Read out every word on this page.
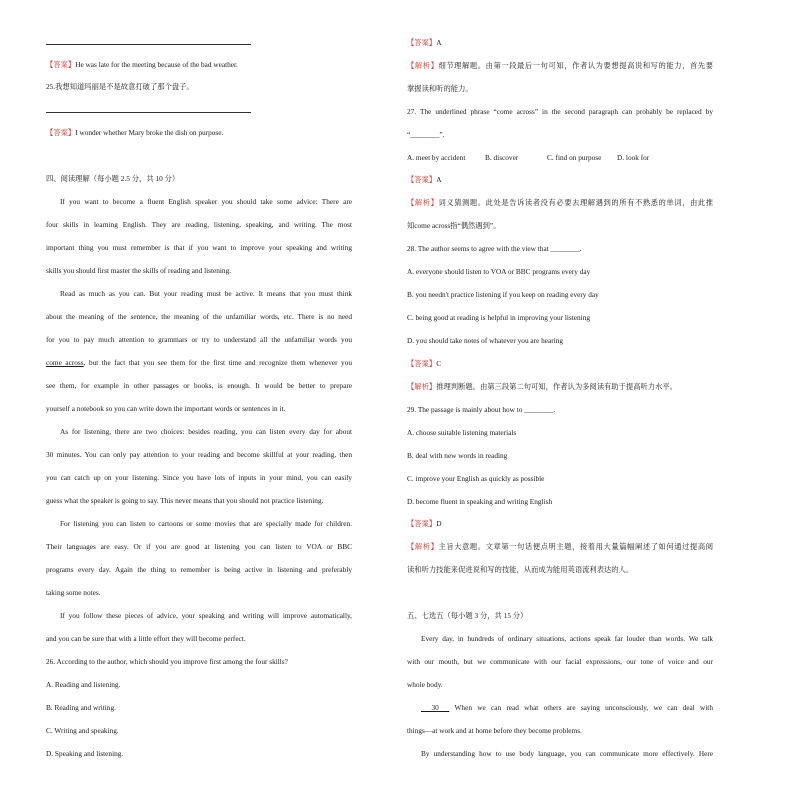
【答案】He was late for the meeting because of the bad weather.
25.我想知道玛丽是不是故意打破了那个盘子。
【答案】I wonder whether Mary broke the dish on purpose.
四、阅读理解（每小题 2.5 分，共 10 分）
If you want to become a fluent English speaker you should take some advice: There are
four skills in learning English. They are reading, listening, speaking, and writing. The most
important thing you must remember is that if you want to improve your speaking and writing
skills you should first master the skills of reading and listening.
Read as much as you can. But your reading must be active. It means that you must think
about the meaning of the sentence, the meaning of the unfamiliar words, etc. There is no need
for you to pay much attention to grammars or try to understand all the unfamiliar words you
come across, but the fact that you see them for the first time and recognize them whenever you
see them, for example in other passages or books, is enough. It would be better to prepare
yourself a notebook so you can write down the important words or sentences in it.
As for listening, there are two choices: besides reading, you can listen every day for about
30 minutes. You can only pay attention to your reading and become skillful at your reading, then
you can catch up on your listening. Since you have lots of inputs in your mind, you can easily
guess what the speaker is going to say. This never means that you should not practice listening.
For listening you can listen to cartoons or some movies that are specially made for children.
Their languages are easy. Or if you are good at listening you can listen to VOA or BBC
programs every day. Again the thing to remember is being active in listening and preferably
taking some notes.
If you follow these pieces of advice, your speaking and writing will improve automatically,
and you can be sure that with a little effort they will become perfect.
26. According to the author, which should you improve first among the four skills?
A. Reading and listening.
B. Reading and writing.
C. Writing and speaking.
D. Speaking and listening.
【答案】A
【解析】细节理解题。由第一段最后一句可知，作者认为要想提高说和写的能力，首先要
掌握读和听的能力。
27. The underlined phrase “come across” in the second paragraph can probably be replaced by
“________”.
A. meet by accident	B. discover	C. find on purpose D. look for
【答案】A
【解析】词义猜测题。此处是告诉读者没有必要去理解遇到的所有不熟悉的单词，由此推
知come across指“偶然遇到”。
28. The author seems to agree with the view that ________.
A. everyone should listen to VOA or BBC programs every day
B. you needn't practice listening if you keep on reading every day
C. being good at reading is helpful in improving your listening
D. you should take notes of whatever you are hearing
【答案】C
【解析】推理判断题。由第三段第二句可知，作者认为多阅读有助于提高听力水平。
29. The passage is mainly about how to ________.
A. choose suitable listening materials
B. deal with new words in reading
C. improve your English as quickly as possible
D. become fluent in speaking and writing English
【答案】D
【解析】主旨大意题。文章第一句话便点明主题，接着用大量篇幅阐述了如何通过提高阅
读和听力技能来促进说和写的技能，从而成为能用英语流利表达的人。
五、七选五（每小题 3 分，共 15 分）
Every day, in hundreds of ordinary situations, actions speak far louder than words. We talk
with our mouth, but we communicate with our facial expressions, our tone of voice and our
whole body.
30 When we can read what others are saying unconsciously, we can deal with
things—at work and at home before they become problems.
By understanding how to use body language, you can communicate more effectively. Here
